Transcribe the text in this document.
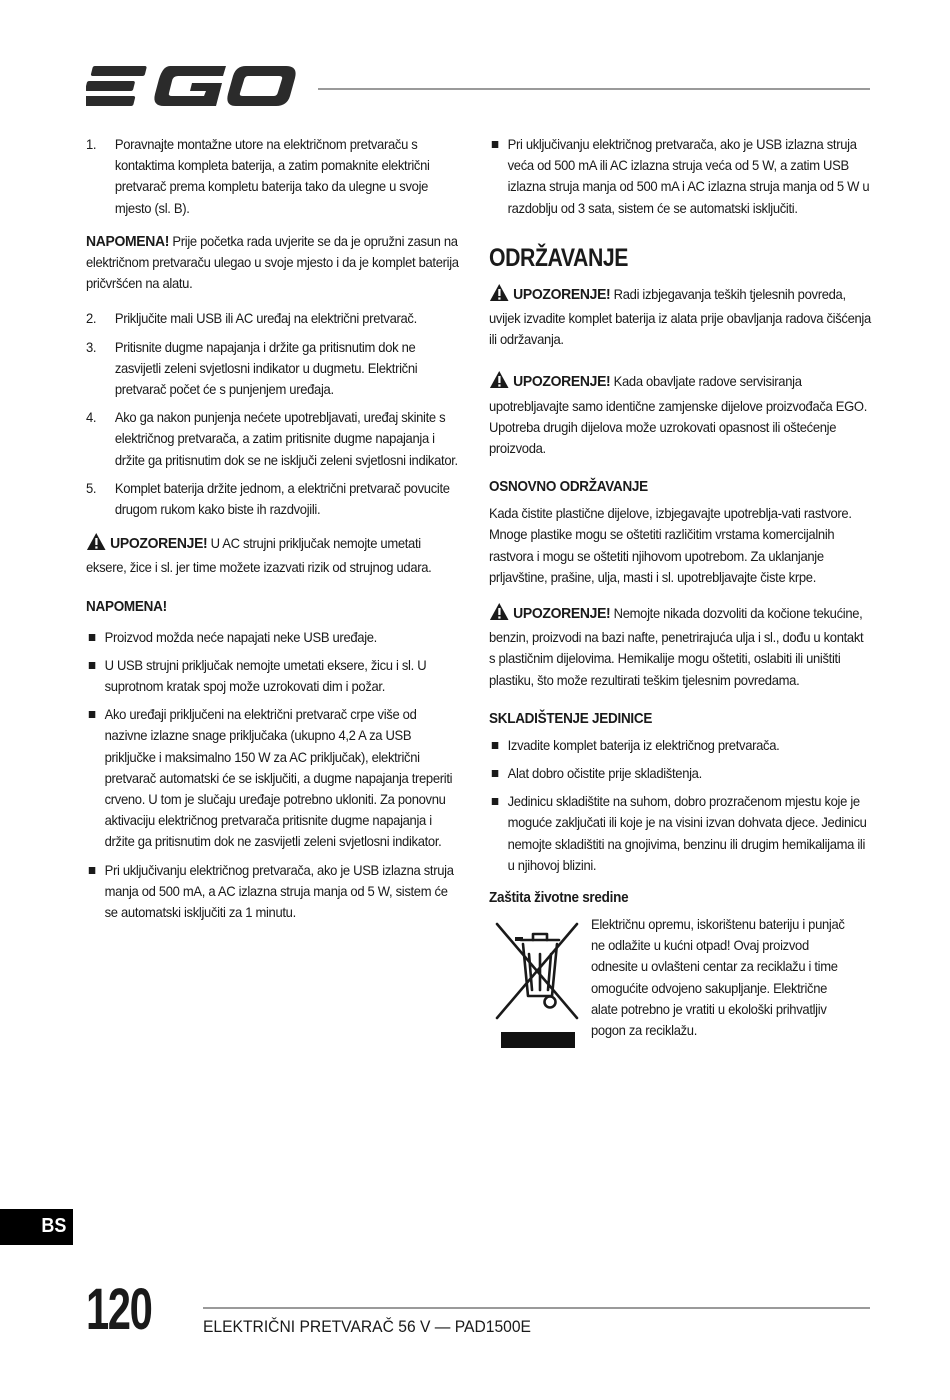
1.	Poravnajte montažne utore na električnom pretvaraču s kontaktima kompleta baterija, a zatim pomaknite električni pretvarač prema kompletu baterija tako da ulegne u svoje mjesto (sl. B).
NAPOMENA! Prije početka rada uvjerite se da je opružni zasun na električnom pretvaraču ulegao u svoje mjesto i da je komplet baterija pričvršćen na alatu.
2.	Priključite mali USB ili AC uređaj na električni pretvarač.
3.	Pritisnite dugme napajanja i držite ga pritisnutim dok ne zasvijetli zeleni svjetlosni indikator u dugmetu. Električni pretvarač počet će s punjenjem uređaja.
4.	Ako ga nakon punjenja nećete upotrebljavati, uređaj skinite s električnog pretvarača, a zatim pritisnite dugme napajanja i držite ga pritisnutim dok se ne isključi zeleni svjetlosni indikator.
5.	Komplet baterija držite jednom, a električni pretvarač povucite drugom rukom kako biste ih razdvojili.
UPOZORENJE! U AC strujni priključak nemojte umetati eksere, žice i sl. jer time možete izazvati rizik od strujnog udara.
NAPOMENA!
Proizvod možda neće napajati neke USB uređaje.
U USB strujni priključak nemojte umetati eksere, žicu i sl. U suprotnom kratak spoj može uzrokovati dim i požar.
Ako uređaji priključeni na električni pretvarač crpe više od nazivne izlazne snage priključaka (ukupno 4,2 A za USB priključke i maksimalno 150 W za AC priključak), električni pretvarač automatski će se isključiti, a dugme napajanja treperiti crveno. U tom je slučaju uređaje potrebno ukloniti. Za ponovnu aktivaciju električnog pretvarača pritisnite dugme napajanja i držite ga pritisnutim dok ne zasvijetli zeleni svjetlosni indikator.
Pri uključivanju električnog pretvarača, ako je USB izlazna struja manja od 500 mA, a AC izlazna struja manja od 5 W, sistem će se automatski isključiti za 1 minutu.
Pri uključivanju električnog pretvarača, ako je USB izlazna struja veća od 500 mA ili AC izlazna struja veća od 5 W, a zatim USB izlazna struja manja od 500 mA i AC izlazna struja manja od 5 W u razdoblju od 3 sata, sistem će se automatski isključiti.
ODRŽAVANJE
UPOZORENJE! Radi izbjegavanja teških tjelesnih povreda, uvijek izvadite komplet baterija iz alata prije obavljanja radova čišćenja ili održavanja.
UPOZORENJE! Kada obavljate radove servisiranja upotrebljavajte samo identične zamjenske dijelove proizvođača EGO. Upotreba drugih dijelova može uzrokovati opasnost ili oštećenje proizvoda.
OSNOVNO ODRŽAVANJE
Kada čistite plastične dijelove, izbjegavajte upotreblja-vati rastvore. Mnoge plastike mogu se oštetiti različitim vrstama komercijalnih rastvora i mogu se oštetiti njihovom upotrebom. Za uklanjanje prljavštine, prašine, ulja, masti i sl. upotrebljavajte čiste krpe.
UPOZORENJE! Nemojte nikada dozvoliti da kočione tekućine, benzin, proizvodi na bazi nafte, penetrirajuća ulja i sl., dođu u kontakt s plastičnim dijelovima. Hemikalije mogu oštetiti, oslabiti ili uništiti plastiku, što može rezultirati teškim tjelesnim povredama.
SKLADIŠTENJE JEDINICE
Izvadite komplet baterija iz električnog pretvarača.
Alat dobro očistite prije skladištenja.
Jedinicu skladištite na suhom, dobro prozračenom mjestu koje je moguće zaključati ili koje je na visini izvan dohvata djece. Jedinicu nemojte skladištiti na gnojivima, benzinu ili drugim hemikalijama ili u njihovoj blizini.
Zaštita životne sredine
Električnu opremu, iskorištenu bateriju i punjač ne odlažite u kućni otpad! Ovaj proizvod odnesite u ovlašteni centar za reciklažu i time omogućite odvojeno sakupljanje. Električne alate potrebno je vratiti u ekološki prihvatljiv pogon za reciklažu.
BS
120	ELEKTRIČNI PRETVARAČ 56 V — PAD1500E
